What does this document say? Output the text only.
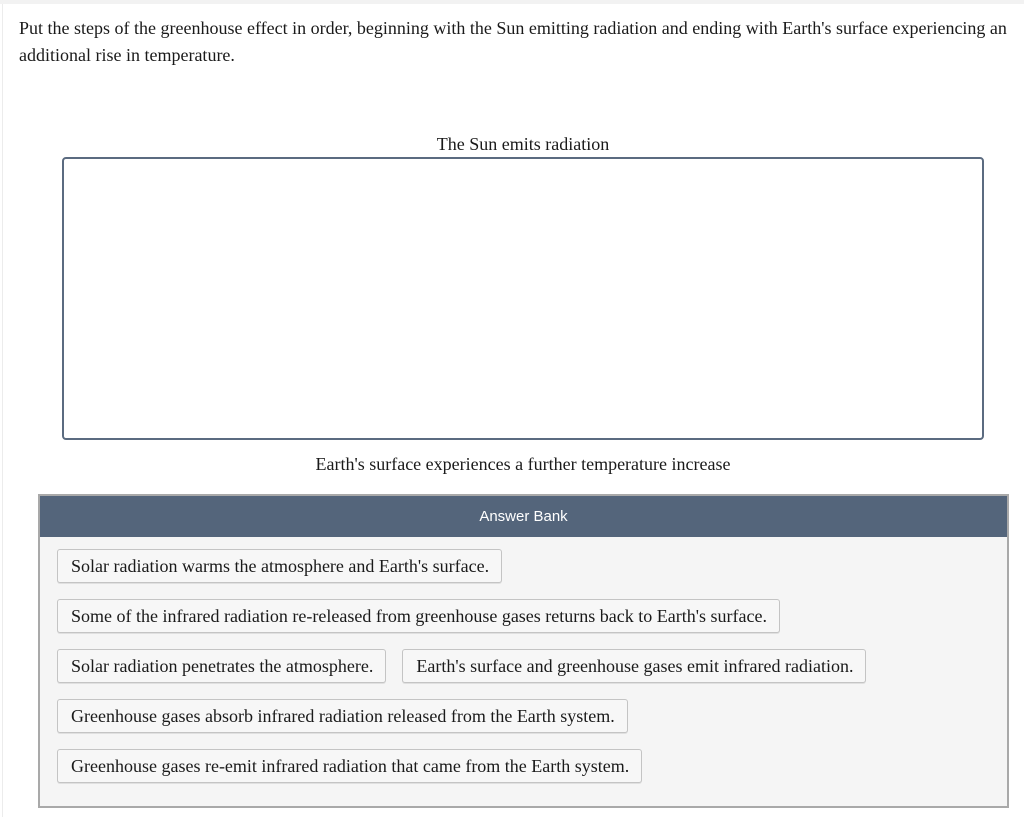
Put the steps of the greenhouse effect in order, beginning with the Sun emitting radiation and ending with Earth's surface experiencing an additional rise in temperature.

The Sun emits radiation
Earth's surface experiences a further temperature increase
Answer Bank
Solar radiation warms the atmosphere and Earth's surface.
Some of the infrared radiation re-released from greenhouse gases returns back to Earth's surface.
Solar radiation penetrates the atmosphere.	Earth's surface and greenhouse gases emit infrared radiation.
Greenhouse gases absorb infrared radiation released from the Earth system.
Greenhouse gases re-emit infrared radiation that came from the Earth system.
